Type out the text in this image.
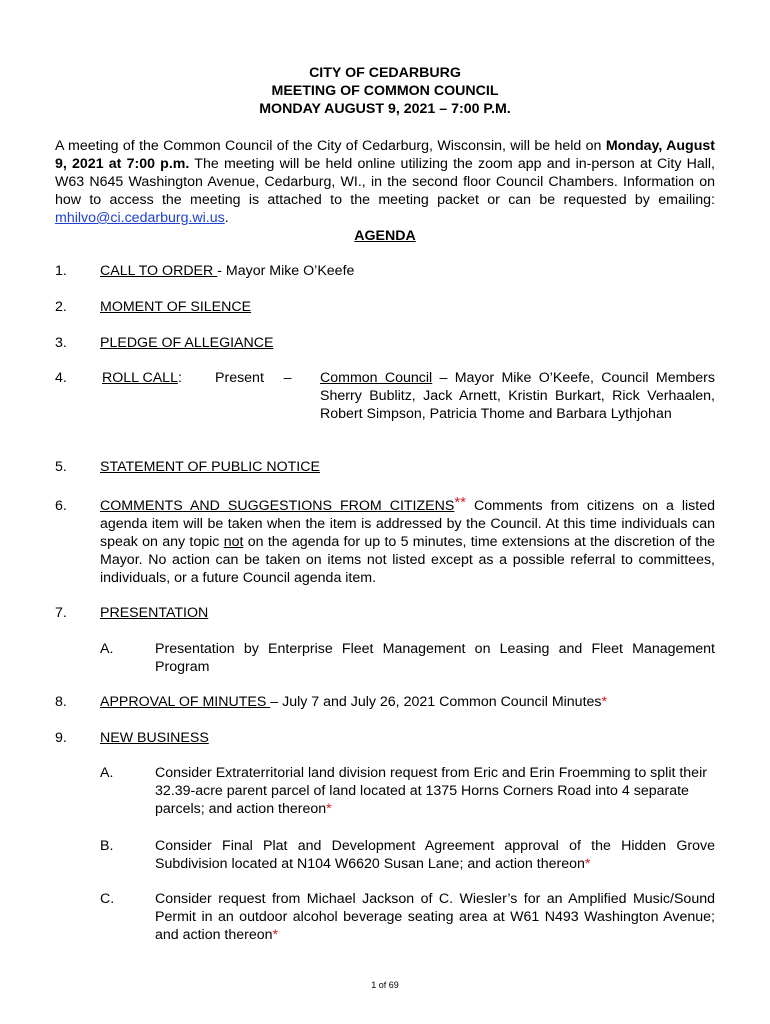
CITY OF CEDARBURG
MEETING OF COMMON COUNCIL
MONDAY AUGUST 9, 2021 – 7:00 P.M.
A meeting of the Common Council of the City of Cedarburg, Wisconsin, will be held on Monday, August 9, 2021 at 7:00 p.m. The meeting will be held online utilizing the zoom app and in-person at City Hall, W63 N645 Washington Avenue, Cedarburg, WI., in the second floor Council Chambers. Information on how to access the meeting is attached to the meeting packet or can be requested by emailing: mhilvo@ci.cedarburg.wi.us.
AGENDA
1. CALL TO ORDER - Mayor Mike O’Keefe
2. MOMENT OF SILENCE
3. PLEDGE OF ALLEGIANCE
4. ROLL CALL:	Present     – Common Council – Mayor Mike O’Keefe, Council Members Sherry Bublitz, Jack Arnett, Kristin Burkart, Rick Verhaalen, Robert Simpson, Patricia Thome and Barbara Lythjohan
5. STATEMENT OF PUBLIC NOTICE
6. COMMENTS AND SUGGESTIONS FROM CITIZENS** Comments from citizens on a listed agenda item will be taken when the item is addressed by the Council. At this time individuals can speak on any topic not on the agenda for up to 5 minutes, time extensions at the discretion of the Mayor. No action can be taken on items not listed except as a possible referral to committees, individuals, or a future Council agenda item.
7. PRESENTATION
A.	Presentation by Enterprise Fleet Management on Leasing and Fleet Management Program
8. APPROVAL OF MINUTES – July 7 and July 26, 2021 Common Council Minutes*
9. NEW BUSINESS
A.	Consider Extraterritorial land division request from Eric and Erin Froemming to split their 32.39-acre parent parcel of land located at 1375 Horns Corners Road into 4 separate parcels; and action thereon*
B.	Consider Final Plat and Development Agreement approval of the Hidden Grove Subdivision located at N104 W6620 Susan Lane; and action thereon*
C.	Consider request from Michael Jackson of C. Wiesler’s for an Amplified Music/Sound Permit in an outdoor alcohol beverage seating area at W61 N493 Washington Avenue; and action thereon*
1 of 69
